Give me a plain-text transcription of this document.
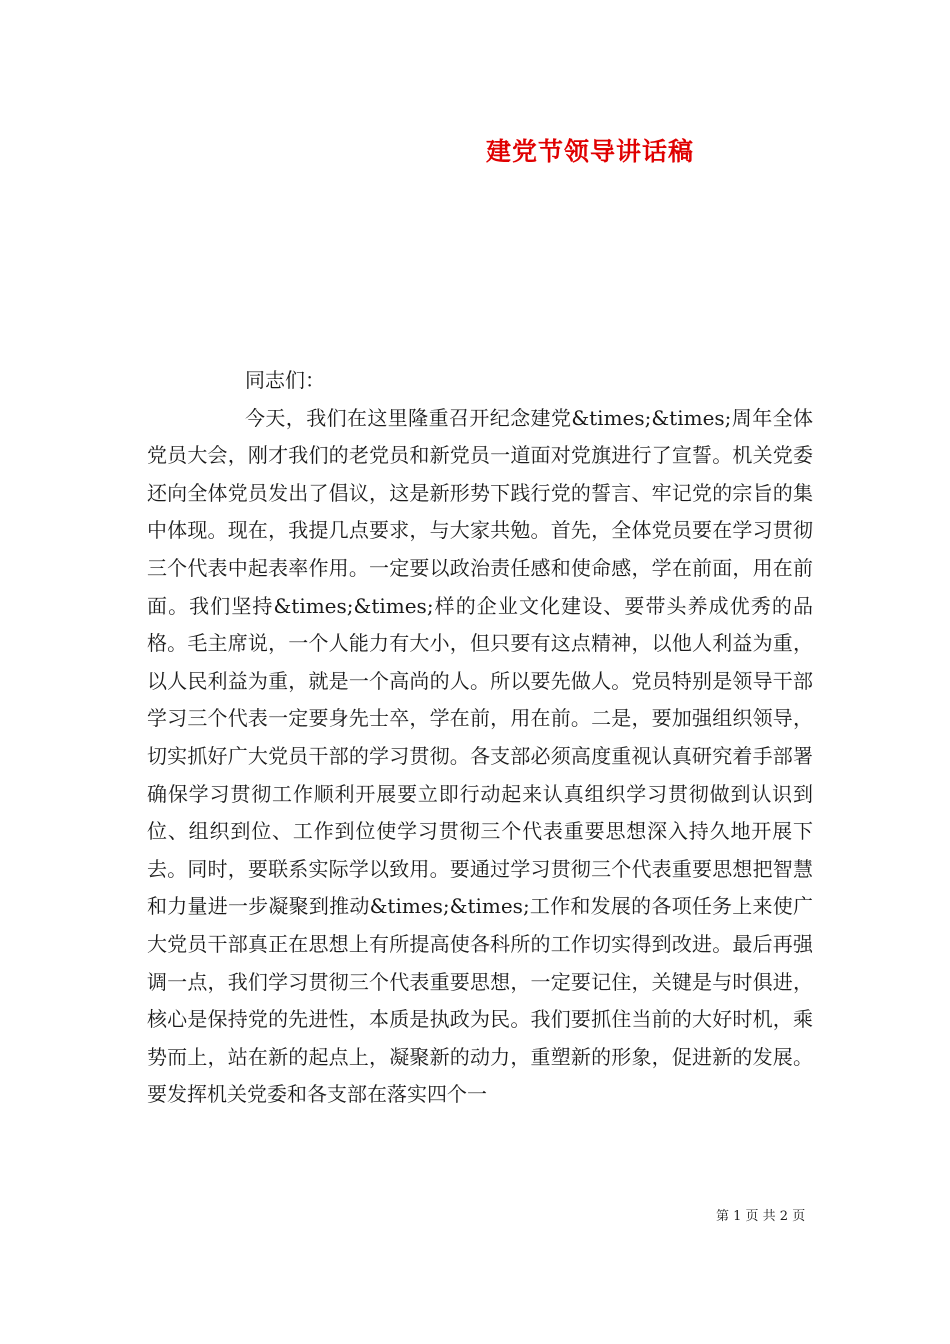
建党节领导讲话稿

同志们：

今天，我们在这里隆重召开纪念建党&times;&times;周年全体党员大会，刚才我们的老党员和新党员一道面对党旗进行了宣誓。机关党委还向全体党员发出了倡议，这是新形势下践行党的誓言、牢记党的宗旨的集中体现。现在，我提几点要求，与大家共勉。首先，全体党员要在学习贯彻三个代表中起表率作用。一定要以政治责任感和使命感，学在前面，用在前面。我们坚持&times;&times;样的企业文化建设、要带头养成优秀的品格。毛主席说，一个人能力有大小，但只要有这点精神，以他人利益为重，以人民利益为重，就是一个高尚的人。所以要先做人。党员特别是领导干部学习三个代表一定要身先士卒，学在前，用在前。二是，要加强组织领导，切实抓好广大党员干部的学习贯彻。各支部必须高度重视认真研究着手部署确保学习贯彻工作顺利开展要立即行动起来认真组织学习贯彻做到认识到位、组织到位、工作到位使学习贯彻三个代表重要思想深入持久地开展下去。同时，要联系实际学以致用。要通过学习贯彻三个代表重要思想把智慧和力量进一步凝聚到推动&times;&times;工作和发展的各项任务上来使广大党员干部真正在思想上有所提高使各科所的工作切实得到改进。最后再强调一点，我们学习贯彻三个代表重要思想，一定要记住，关键是与时俱进，核心是保持党的先进性，本质是执政为民。我们要抓住当前的大好时机，乘势而上，站在新的起点上，凝聚新的动力，重塑新的形象，促进新的发展。要发挥机关党委和各支部在落实四个一

第 1 页 共 2 页
